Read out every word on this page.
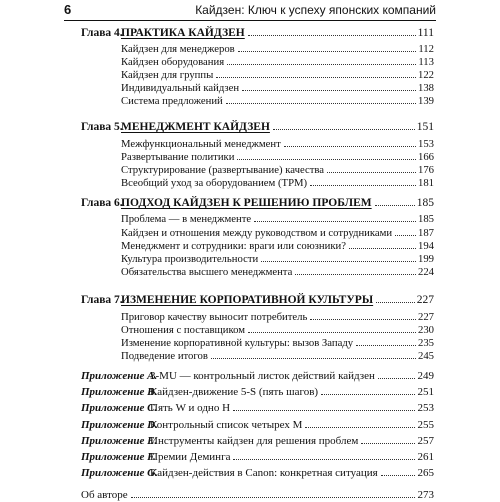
6	Кайдзен: Ключ к успеху японских компаний
Глава 4.
ПРАКТИКА КАЙДЗЕН	111
Кайдзен для менеджеров	112
Кайдзен оборудования	113
Кайдзен для группы	122
Индивидуальный кайдзен	138
Система предложений	139
Глава 5.
МЕНЕДЖМЕНТ КАЙДЗЕН	151
Межфункциональный менеджмент	153
Развертывание политики	166
Структурирование (развертывание) качества	176
Всеобщий уход за оборудованием (ТРМ)	181
Глава 6.
ПОДХОД КАЙДЗЕН К РЕШЕНИЮ ПРОБЛЕМ	185
Проблема — в менеджменте	185
Кайдзен и отношения между руководством и сотрудниками 187
Менеджмент и сотрудники: враги или союзники?	194
Культура производительности	199
Обязательства высшего менеджмента	224
Глава 7.
ИЗМЕНЕНИЕ КОРПОРАТИВНОЙ КУЛЬТУРЫ	227
Приговор качеству выносит потребитель	227
Отношения с поставщиком	230
Изменение корпоративной культуры: вызов Западу	235
Подведение итогов	245
Приложение A.
3-MU — контрольный листок действий кайдзен	249
Приложение B.
Кайдзен-движение 5-S (пять шагов)	251
Приложение C.
Пять W и одно H	253
Приложение D.
Контрольный список четырех M	255
Приложение E.
Инструменты кайдзен для решения проблем	257
Приложение F.
Премии Деминга	261
Приложение G.
Кайдзен-действия в Canon: конкретная ситуация	265
Об авторе	273
